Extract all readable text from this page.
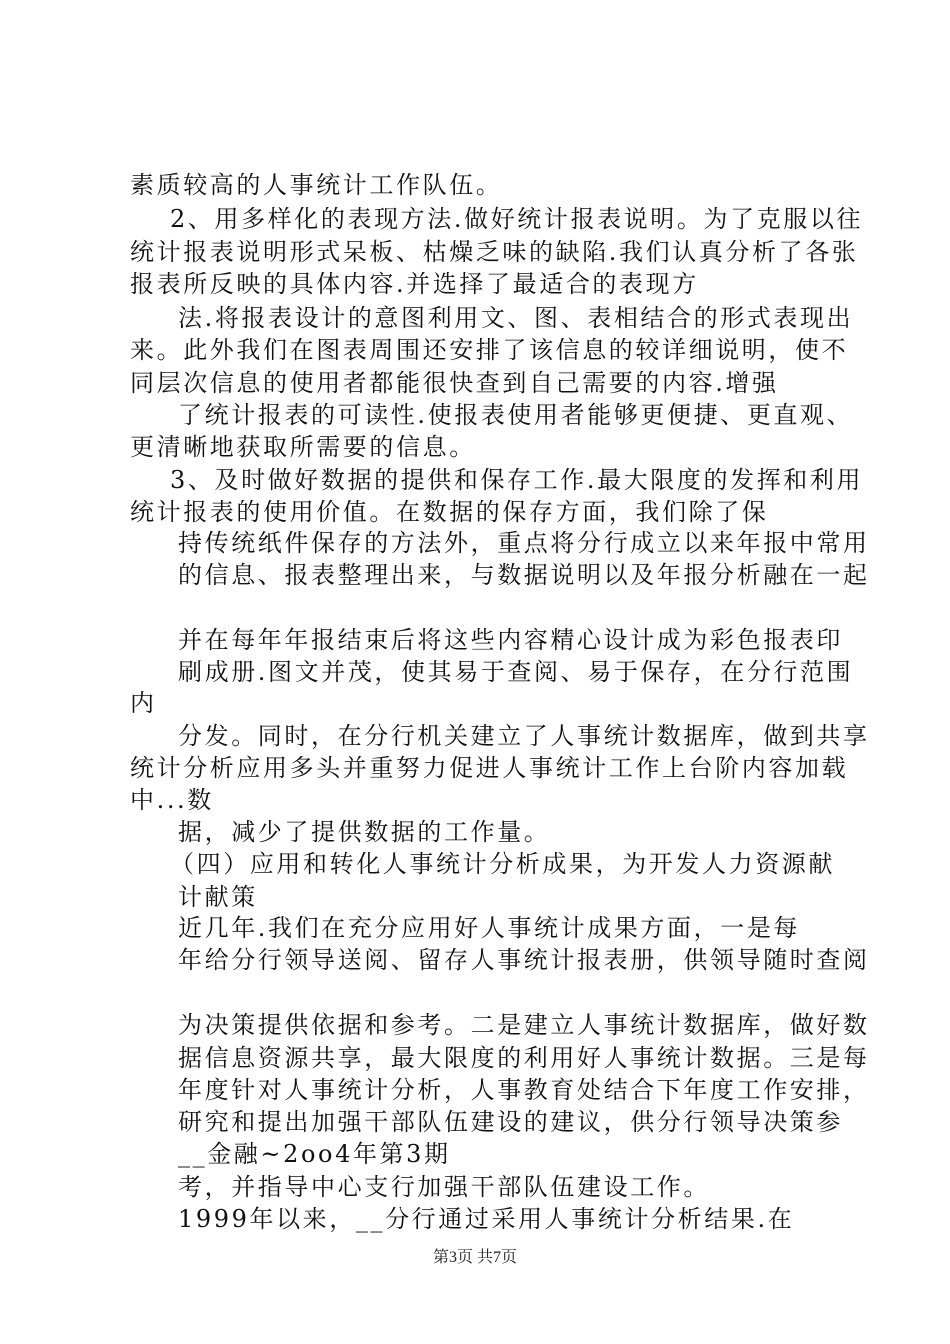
素质较高的人事统计工作队伍。
2、用多样化的表现方法.做好统计报表说明。为了克服以往
统计报表说明形式呆板、枯燥乏味的缺陷.我们认真分析了各张
报表所反映的具体内容.并选择了最适合的表现方
法.将报表设计的意图利用文、图、表相结合的形式表现出
来。此外我们在图表周围还安排了该信息的较详细说明，使不
同层次信息的使用者都能很快查到自己需要的内容.增强
了统计报表的可读性.使报表使用者能够更便捷、更直观、
更清晰地获取所需要的信息。
3、及时做好数据的提供和保存工作.最大限度的发挥和利用
统计报表的使用价值。在数据的保存方面，我们除了保
持传统纸件保存的方法外，重点将分行成立以来年报中常用
的信息、报表整理出来，与数据说明以及年报分析融在一起
并在每年年报结束后将这些内容精心设计成为彩色报表印
刷成册.图文并茂，使其易于查阅、易于保存，在分行范围
内
分发。同时，在分行机关建立了人事统计数据库，做到共享
统计分析应用多头并重努力促进人事统计工作上台阶内容加载
中...数
据，减少了提供数据的工作量。
（四）应用和转化人事统计分析成果，为开发人力资源献
计献策
近几年.我们在充分应用好人事统计成果方面，一是每
年给分行领导送阅、留存人事统计报表册，供领导随时查阅
为决策提供依据和参考。二是建立人事统计数据库，做好数
据信息资源共享，最大限度的利用好人事统计数据。三是每
年度针对人事统计分析，人事教育处结合下年度工作安排，
研究和提出加强干部队伍建设的建议，供分行领导决策参
__金融~2oo4年第3期
考，并指导中心支行加强干部队伍建设工作。
1999年以来，__分行通过采用人事统计分析结果.在
第3页 共7页
